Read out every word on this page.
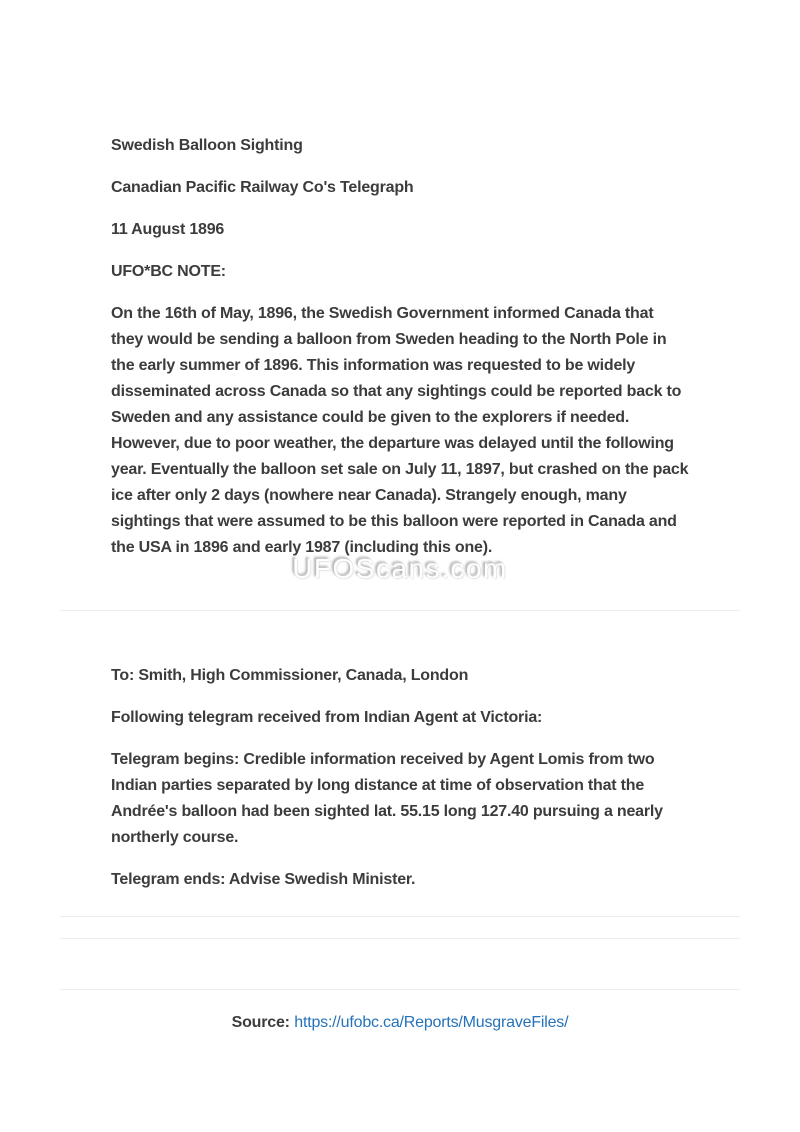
Swedish Balloon Sighting

Canadian Pacific Railway Co's Telegraph

11 August 1896

UFO*BC NOTE:

On the 16th of May, 1896, the Swedish Government informed Canada that they would be sending a balloon from Sweden heading to the North Pole in the early summer of 1896. This information was requested to be widely disseminated across Canada so that any sightings could be reported back to Sweden and any assistance could be given to the explorers if needed. However, due to poor weather, the departure was delayed until the following year. Eventually the balloon set sale on July 11, 1897, but crashed on the pack ice after only 2 days (nowhere near Canada). Strangely enough, many sightings that were assumed to be this balloon were reported in Canada and the USA in 1896 and early 1987 (including this one).

To: Smith, High Commissioner, Canada, London

Following telegram received from Indian Agent at Victoria:

Telegram begins: Credible information received by Agent Lomis from two Indian parties separated by long distance at time of observation that the Andrée's balloon had been sighted lat. 55.15 long 127.40 pursuing a nearly northerly course.

Telegram ends: Advise Swedish Minister.

Source: https://ufobc.ca/Reports/MusgraveFiles/

UFOScans.com
